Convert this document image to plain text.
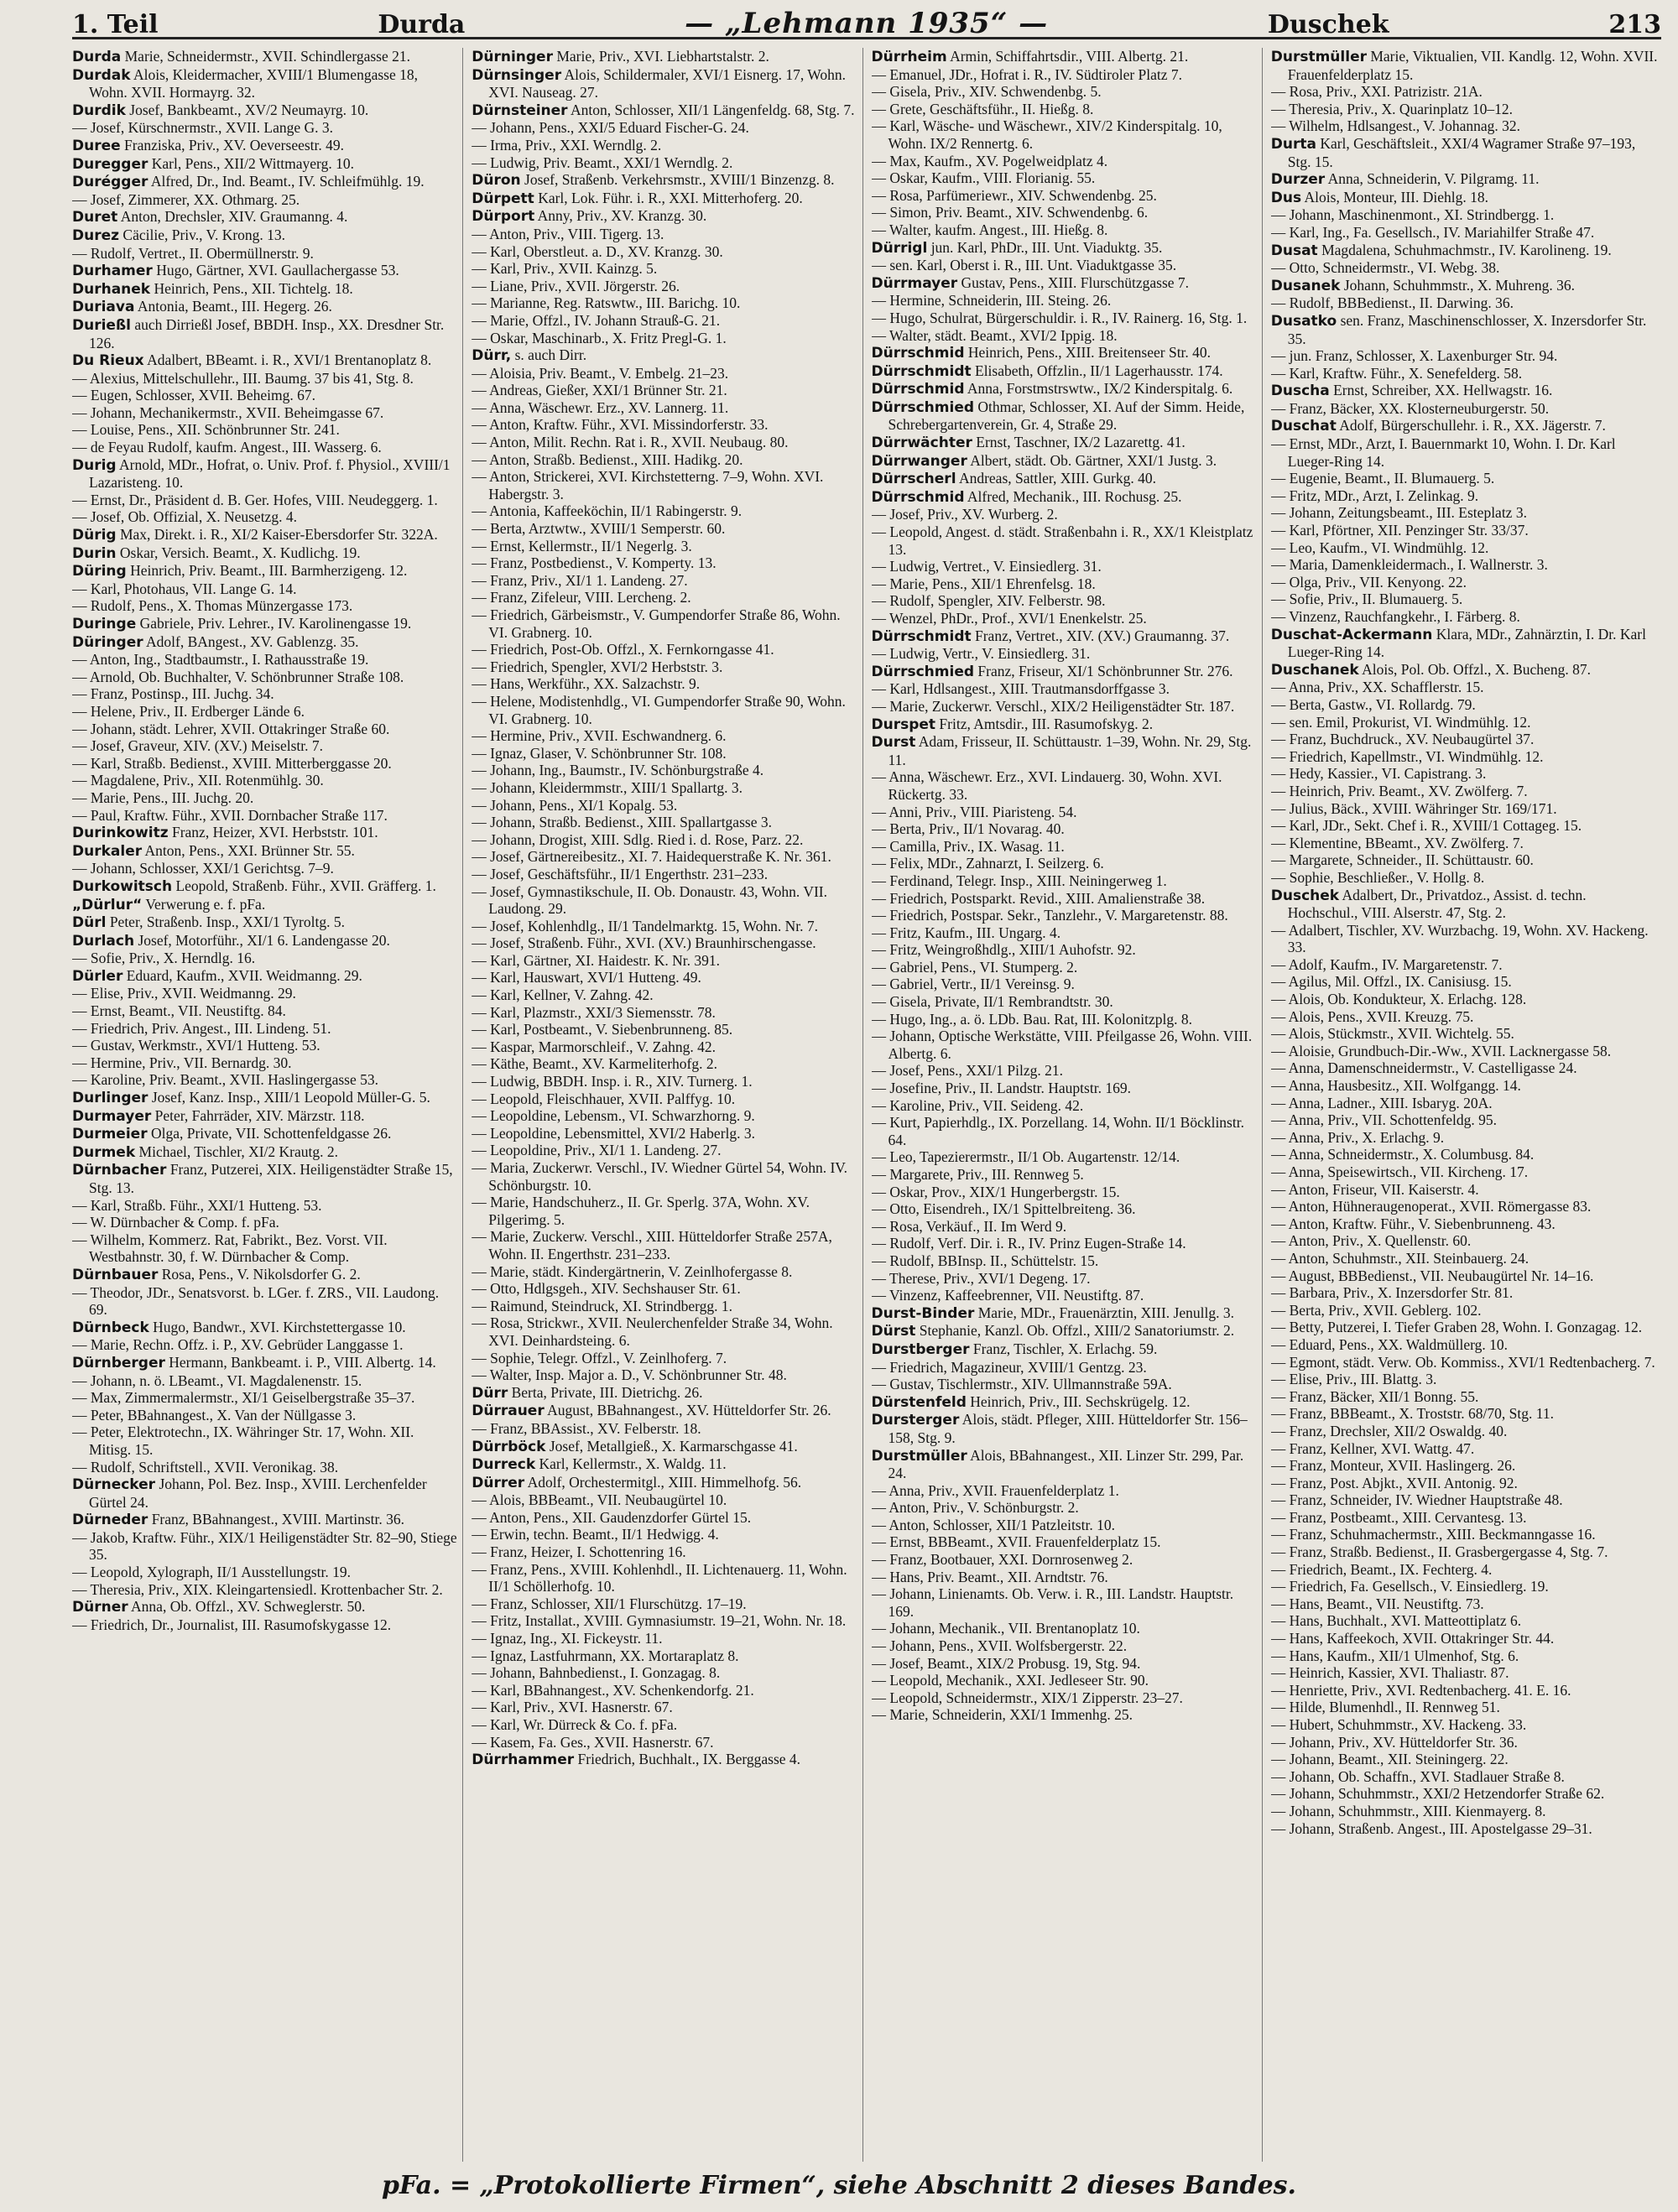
1. Teil	Durda	— „Lehmann 1935“ —	Duschek	213
Durda Marie, Schneidermstr., XVII. Schindlergasse 21.
Durdak Alois, Kleidermacher, XVIII/1 Blumengasse 18, Wohn. XVII. Hormayrg. 32.
Durdik Josef, Bankbeamt., XV/2 Neumayrg. 10.
— Josef, Kürschnermstr., XVII. Lange G. 3.
Duree Franziska, Priv., XV. Oeverseestr. 49.
Duregger Karl, Pens., XII/2 Wittmayerg. 10.
Durégger Alfred, Dr., Ind. Beamt., IV. Schleifmühlg. 19.
— Josef, Zimmerer, XX. Othmarg. 25.
Duret Anton, Drechsler, XIV. Graumanng. 4.
Durez Cäcilie, Priv., V. Krong. 13.
— Rudolf, Vertret., II. Obermüllnerstr. 9.
Durhamer Hugo, Gärtner, XVI. Gaullachergasse 53.
Durhanek Heinrich, Pens., XII. Tichtelg. 18.
Duriava Antonia, Beamt., III. Hegerg. 26.
Durießl auch Dirrießl Josef, BBDH. Insp., XX. Dresdner Str. 126.
Du Rieux Adalbert, BBeamt. i. R., XVI/1 Brentanoplatz 8.
— Alexius, Mittelschullehr., III. Baumg. 37 bis 41, Stg. 8.
— Eugen, Schlosser, XVII. Beheimg. 67.
— Johann, Mechanikermstr., XVII. Beheimgasse 67.
— Louise, Pens., XII. Schönbrunner Str. 241.
— de Feyau Rudolf, kaufm. Angest., III. Wasserg. 6.
Durig Arnold, MDr., Hofrat, o. Univ. Prof. f. Physiol., XVIII/1 Lazaristeng. 10.
— Ernst, Dr., Präsident d. B. Ger. Hofes, VIII. Neudeggerg. 1.
— Josef, Ob. Offizial, X. Neusetzg. 4.
Dürig Max, Direkt. i. R., XI/2 Kaiser-Ebersdorfer Str. 322A.
Durin Oskar, Versich. Beamt., X. Kudlichg. 19.
Düring Heinrich, Priv. Beamt., III. Barmherzigeng. 12.
— Karl, Photohaus, VII. Lange G. 14.
— Rudolf, Pens., X. Thomas Münzergasse 173.
Duringe Gabriele, Priv. Lehrer., IV. Karolinengasse 19.
Düringer Adolf, BAngest., XV. Gablenzg. 35.
— Anton, Ing., Stadtbaumstr., I. Rathausstraße 19.
— Arnold, Ob. Buchhalter, V. Schönbrunner Straße 108.
— Franz, Postinsp., III. Juchg. 34.
— Helene, Priv., II. Erdberger Lände 6.
— Johann, städt. Lehrer, XVII. Ottakringer Straße 60.
— Josef, Graveur, XIV. (XV.) Meiselstr. 7.
— Karl, Straßb. Bedienst., XVIII. Mitterberggasse 20.
— Magdalene, Priv., XII. Rotenmühlg. 30.
— Marie, Pens., III. Juchg. 20.
— Paul, Kraftw. Führ., XVII. Dornbacher Straße 117.
Durinkowitz Franz, Heizer, XVI. Herbststr. 101.
Durkaler Anton, Pens., XXI. Brünner Str. 55.
— Johann, Schlosser, XXI/1 Gerichtsg. 7–9.
Durkowitsch Leopold, Straßenb. Führ., XVII. Gräfferg. 1.
„Dürlur“ Verwerung e. f. pFa.
Dürl Peter, Straßenb. Insp., XXI/1 Tyroltg. 5.
Durlach Josef, Motorführ., XI/1 6. Landengasse 20.
— Sofie, Priv., X. Herndlg. 16.
Dürler Eduard, Kaufm., XVII. Weidmanng. 29.
— Elise, Priv., XVII. Weidmanng. 29.
— Ernst, Beamt., VII. Neustiftg. 84.
— Friedrich, Priv. Angest., III. Lindeng. 51.
— Gustav, Werkmstr., XVI/1 Hutteng. 53.
— Hermine, Priv., VII. Bernardg. 30.
— Karoline, Priv. Beamt., XVII. Haslingergasse 53.
Durlinger Josef, Kanz. Insp., XIII/1 Leopold Müller-G. 5.
Durmayer Peter, Fahrräder, XIV. Märzstr. 118.
Durmeier Olga, Private, VII. Schottenfeldgasse 26.
Durmek Michael, Tischler, XI/2 Krautg. 2.
Dürnbacher Franz, Putzerei, XIX. Heiligenstädter Straße 15, Stg. 13.
— Karl, Straßb. Führ., XXI/1 Hutteng. 53.
— W. Dürnbacher & Comp. f. pFa.
— Wilhelm, Kommerz. Rat, Fabrikt., Bez. Vorst. VII. Westbahnstr. 30, f. W. Dürnbacher & Comp.
Dürnbauer Rosa, Pens., V. Nikolsdorfer G. 2.
— Theodor, JDr., Senatsvorst. b. LGer. f. ZRS., VII. Laudong. 69.
Dürnbeck Hugo, Bandwr., XVI. Kirchstettergasse 10.
— Marie, Rechn. Offz. i. P., XV. Gebrüder Langgasse 1.
Dürnberger Hermann, Bankbeamt. i. P., VIII. Albertg. 14.
— Johann, n. ö. LBeamt., VI. Magdalenenstr. 15.
— Max, Zimmermalermstr., XI/1 Geiselbergstraße 35–37.
— Peter, BBahnangest., X. Van der Nüllgasse 3.
— Peter, Elektrotechn., IX. Währinger Str. 17, Wohn. XII. Mitisg. 15.
— Rudolf, Schriftstell., XVII. Veronikag. 38.
Dürnecker Johann, Pol. Bez. Insp., XVIII. Lerchenfelder Gürtel 24.
Dürneder Franz, BBahnangest., XVIII. Martinstr. 36.
— Jakob, Kraftw. Führ., XIX/1 Heiligenstädter Str. 82–90, Stiege 35.
— Leopold, Xylograph, II/1 Ausstellungstr. 19.
— Theresia, Priv., XIX. Kleingartensiedl. Krottenbacher Str. 2.
Dürner Anna, Ob. Offzl., XV. Schweglerstr. 50.
— Friedrich, Dr., Journalist, III. Rasumofskygasse 12.
Dürninger Marie, Priv., XVI. Liebhartstalstr. 2.
Dürnsinger Alois, Schildermaler, XVI/1 Eisnerg. 17, Wohn. XVI. Nauseag. 27.
Dürnsteiner Anton, Schlosser, XII/1 Längenfeldg. 68, Stg. 7.
— Johann, Pens., XXI/5 Eduard Fischer-G. 24.
— Irma, Priv., XXI. Werndlg. 2.
— Ludwig, Priv. Beamt., XXI/1 Werndlg. 2.
Düron Josef, Straßenb. Verkehrsmstr., XVIII/1 Binzenzg. 8.
Dürpett Karl, Lok. Führ. i. R., XXI. Mitterhoferg. 20.
Dürport Anny, Priv., XV. Kranzg. 30.
— Anton, Priv., VIII. Tigerg. 13.
— Karl, Oberstleut. a. D., XV. Kranzg. 30.
— Karl, Priv., XVII. Kainzg. 5.
— Liane, Priv., XVII. Jörgerstr. 26.
— Marianne, Reg. Ratswtw., III. Barichg. 10.
— Marie, Offzl., IV. Johann Strauß-G. 21.
— Oskar, Maschinarb., X. Fritz Pregl-G. 1.
Dürr, s. auch Dirr.
— Aloisia, Priv. Beamt., V. Embelg. 21–23.
— Andreas, Gießer, XXI/1 Brünner Str. 21.
— Anna, Wäschewr. Erz., XV. Lannerg. 11.
— Anton, Kraftw. Führ., XVI. Missindorferstr. 33.
— Anton, Milit. Rechn. Rat i. R., XVII. Neubaug. 80.
— Anton, Straßb. Bedienst., XIII. Hadikg. 20.
— Anton, Strickerei, XVI. Kirchstetterng. 7–9, Wohn. XVI. Habergstr. 3.
— Antonia, Kaffeeköchin, II/1 Rabingerstr. 9.
— Berta, Arztwtw., XVIII/1 Semperstr. 60.
— Ernst, Kellermstr., II/1 Negerlg. 3.
— Franz, Postbedienst., V. Komperty. 13.
— Franz, Priv., XI/1 1. Landeng. 27.
— Franz, Zifeleur, VIII. Lercheng. 2.
— Friedrich, Gärbeismstr., V. Gumpendorfer Straße 86, Wohn. VI. Grabnerg. 10.
— Friedrich, Post-Ob. Offzl., X. Fernkorngasse 41.
— Friedrich, Spengler, XVI/2 Herbststr. 3.
— Hans, Werkführ., XX. Salzachstr. 9.
— Helene, Modistenhdlg., VI. Gumpendorfer Straße 90, Wohn. VI. Grabnerg. 10.
— Hermine, Priv., XVII. Eschwandnerg. 6.
— Ignaz, Glaser, V. Schönbrunner Str. 108.
— Johann, Ing., Baumstr., IV. Schönburgstraße 4.
— Johann, Kleidermmstr., XIII/1 Spallartg. 3.
— Johann, Pens., XI/1 Kopalg. 53.
— Johann, Straßb. Bedienst., XIII. Spallartgasse 3.
— Johann, Drogist, XIII. Sdlg. Ried i. d. Rose, Parz. 22.
— Josef, Gärtnereibesitz., XI. 7. Haidequerstraße K. Nr. 361.
— Josef, Geschäftsführ., II/1 Engerthstr. 231–233.
— Josef, Gymnastikschule, II. Ob. Donaustr. 43, Wohn. VII. Laudong. 29.
— Josef, Kohlenhdlg., II/1 Tandelmarktg. 15, Wohn. Nr. 7.
— Josef, Straßenb. Führ., XVI. (XV.) Braunhirschengasse.
— Karl, Gärtner, XI. Haidestr. K. Nr. 391.
— Karl, Hauswart, XVI/1 Hutteng. 49.
— Karl, Kellner, V. Zahng. 42.
— Karl, Plazmstr., XXI/3 Siemensstr. 78.
— Karl, Postbeamt., V. Siebenbrunneng. 85.
— Kaspar, Marmorschleif., V. Zahng. 42.
— Käthe, Beamt., XV. Karmeliterhofg. 2.
— Ludwig, BBDH. Insp. i. R., XIV. Turnerg. 1.
— Leopold, Fleischhauer, XVII. Palffyg. 10.
— Leopoldine, Lebensm., VI. Schwarzhorng. 9.
— Leopoldine, Lebensmittel, XVI/2 Haberlg. 3.
— Leopoldine, Priv., XI/1 1. Landeng. 27.
— Maria, Zuckerwr. Verschl., IV. Wiedner Gürtel 54, Wohn. IV. Schönburgstr. 10.
— Marie, Handschuherz., II. Gr. Sperlg. 37A, Wohn. XV. Pilgerimg. 5.
— Marie, Zuckerw. Verschl., XIII. Hütteldorfer Straße 257A, Wohn. II. Engerthstr. 231–233.
— Marie, städt. Kindergärtnerin, V. Zeinlhofergasse 8.
— Otto, Hdlgsgeh., XIV. Sechshauser Str. 61.
— Raimund, Steindruck, XI. Strindbergg. 1.
— Rosa, Strickwr., XVII. Neulerchenfelder Straße 34, Wohn. XVI. Deinhardsteing. 6.
— Sophie, Telegr. Offzl., V. Zeinlhoferg. 7.
— Walter, Insp. Major a. D., V. Schönbrunner Str. 48.
Dürr Berta, Private, III. Dietrichg. 26.
Dürrauer August, BBahnangest., XV. Hütteldorfer Str. 26.
— Franz, BBAssist., XV. Felberstr. 18.
Dürrböck Josef, Metallgieß., X. Karmarschgasse 41.
Durreck Karl, Kellermstr., X. Waldg. 11.
Dürrer Adolf, Orchestermitgl., XIII. Himmelhofg. 56.
— Alois, BBBeamt., VII. Neubaugürtel 10.
— Anton, Pens., XII. Gaudenzdorfer Gürtel 15.
— Erwin, techn. Beamt., II/1 Hedwigg. 4.
— Franz, Heizer, I. Schottenring 16.
— Franz, Pens., XVIII. Kohlenhdl., II. Lichtenauerg. 11, Wohn. II/1 Schöllerhofg. 10.
— Franz, Schlosser, XII/1 Flurschützg. 17–19.
— Fritz, Installat., XVIII. Gymnasiumstr. 19–21, Wohn. Nr. 18.
— Ignaz, Ing., XI. Fickeystr. 11.
— Ignaz, Lastfuhrmann, XX. Mortaraplatz 8.
— Johann, Bahnbedienst., I. Gonzagag. 8.
— Karl, BBahnangest., XV. Schenkendorfg. 21.
— Karl, Priv., XVI. Hasnerstr. 67.
— Karl, Wr. Dürreck & Co. f. pFa.
— Kasem, Fa. Ges., XVII. Hasnerstr. 67.
Dürrhammer Friedrich, Buchhalt., IX. Berggasse 4.
Dürrheim Armin, Schiffahrtsdir., VIII. Albertg. 21.
— Emanuel, JDr., Hofrat i. R., IV. Südtiroler Platz 7.
— Gisela, Priv., XIV. Schwendenbg. 5.
— Grete, Geschäftsführ., II. Hießg. 8.
— Karl, Wäsche- und Wäschewr., XIV/2 Kinderspitalg. 10, Wohn. IX/2 Rennertg. 6.
— Max, Kaufm., XV. Pogelweidplatz 4.
— Oskar, Kaufm., VIII. Florianig. 55.
— Rosa, Parfümeriewr., XIV. Schwendenbg. 25.
— Simon, Priv. Beamt., XIV. Schwendenbg. 6.
— Walter, kaufm. Angest., III. Hießg. 8.
Dürrigl jun. Karl, PhDr., III. Unt. Viaduktg. 35.
— sen. Karl, Oberst i. R., III. Unt. Viaduktgasse 35.
Dürrmayer Gustav, Pens., XIII. Flurschützgasse 7.
— Hermine, Schneiderin, III. Steing. 26.
— Hugo, Schulrat, Bürgerschuldir. i. R., IV. Rainerg. 16, Stg. 1.
— Walter, städt. Beamt., XVI/2 Ippig. 18.
Dürrschmid Heinrich, Pens., XIII. Breitenseer Str. 40.
Dürrschmidt Elisabeth, Offzlin., II/1 Lagerhausstr. 174.
Dürrschmid Anna, Forstmstrswtw., IX/2 Kinderspitalg. 6.
Dürrschmied Othmar, Schlosser, XI. Auf der Simm. Heide, Schrebergartenverein, Gr. 4, Straße 29.
Dürrwächter Ernst, Taschner, IX/2 Lazarettg. 41.
Dürrwanger Albert, städt. Ob. Gärtner, XXI/1 Justg. 3.
Dürrscherl Andreas, Sattler, XIII. Gurkg. 40.
Dürrschmid Alfred, Mechanik., III. Rochusg. 25.
— Josef, Priv., XV. Wurberg. 2.
— Leopold, Angest. d. städt. Straßenbahn i. R., XX/1 Kleistplatz 13.
— Ludwig, Vertret., V. Einsiedlerg. 31.
— Marie, Pens., XII/1 Ehrenfelsg. 18.
— Rudolf, Spengler, XIV. Felberstr. 98.
— Wenzel, PhDr., Prof., XVI/1 Enenkelstr. 25.
Dürrschmidt Franz, Vertret., XIV. (XV.) Graumanng. 37.
— Ludwig, Vertr., V. Einsiedlerg. 31.
Dürrschmied Franz, Friseur, XI/1 Schönbrunner Str. 276.
— Karl, Hdlsangest., XIII. Trautmansdorffgasse 3.
— Marie, Zuckerwr. Verschl., XIX/2 Heiligenstädter Str. 187.
Durspet Fritz, Amtsdir., III. Rasumofskyg. 2.
Durst Adam, Frisseur, II. Schüttaustr. 1–39, Wohn. Nr. 29, Stg. 11.
— Anna, Wäschewr. Erz., XVI. Lindauerg. 30, Wohn. XVI. Rückertg. 33.
— Anni, Priv., VIII. Piaristeng. 54.
— Berta, Priv., II/1 Novarag. 40.
— Camilla, Priv., IX. Wasag. 11.
— Felix, MDr., Zahnarzt, I. Seilzerg. 6.
— Ferdinand, Telegr. Insp., XIII. Neiningerweg 1.
— Friedrich, Postsparkt. Revid., XIII. Amalienstraße 38.
— Friedrich, Postspar. Sekr., Tanzlehr., V. Margaretenstr. 88.
— Fritz, Kaufm., III. Ungarg. 4.
— Fritz, Weingroßhdlg., XIII/1 Auhofstr. 92.
— Gabriel, Pens., VI. Stumperg. 2.
— Gabriel, Vertr., II/1 Vereinsg. 9.
— Gisela, Private, II/1 Rembrandtstr. 30.
— Hugo, Ing., a. ö. LDb. Bau. Rat, III. Kolonitzplg. 8.
— Johann, Optische Werkstätte, VIII. Pfeilgasse 26, Wohn. VIII. Albertg. 6.
— Josef, Pens., XXI/1 Pilzg. 21.
— Josefine, Priv., II. Landstr. Hauptstr. 169.
— Karoline, Priv., VII. Seideng. 42.
— Kurt, Papierhdlg., IX. Porzellang. 14, Wohn. II/1 Böcklinstr. 64.
— Leo, Tapezierermstr., II/1 Ob. Augartenstr. 12/14.
— Margarete, Priv., III. Rennweg 5.
— Oskar, Prov., XIX/1 Hungerbergstr. 15.
— Otto, Eisendreh., IX/1 Spittelbreiteng. 36.
— Rosa, Verkäuf., II. Im Werd 9.
— Rudolf, Verf. Dir. i. R., IV. Prinz Eugen-Straße 14.
— Rudolf, BBInsp. II., Schüttelstr. 15.
— Therese, Priv., XVI/1 Degeng. 17.
— Vinzenz, Kaffeebrenner, VII. Neustiftg. 87.
Durst-Binder Marie, MDr., Frauenärztin, XIII. Jenullg. 3.
Dürst Stephanie, Kanzl. Ob. Offzl., XIII/2 Sanatoriumstr. 2.
Durstberger Franz, Tischler, X. Erlachg. 59.
— Friedrich, Magazineur, XVIII/1 Gentzg. 23.
— Gustav, Tischlermstr., XIV. Ullmannstraße 59A.
Dürstenfeld Heinrich, Priv., III. Sechskrügelg. 12.
Dursterger Alois, städt. Pfleger, XIII. Hütteldorfer Str. 156–158, Stg. 9.
Durstmüller Alois, BBahnangest., XII. Linzer Str. 299, Par. 24.
— Anna, Priv., XVII. Frauenfelderplatz 1.
— Anton, Priv., V. Schönburgstr. 2.
— Anton, Schlosser, XII/1 Patzleitstr. 10.
— Ernst, BBBeamt., XVII. Frauenfelderplatz 15.
— Franz, Bootbauer, XXI. Dornrosenweg 2.
— Hans, Priv. Beamt., XII. Arndtstr. 76.
— Johann, Linienamts. Ob. Verw. i. R., III. Landstr. Hauptstr. 169.
— Johann, Mechanik., VII. Brentanoplatz 10.
— Johann, Pens., XVII. Wolfsbergerstr. 22.
— Josef, Beamt., XIX/2 Probusg. 19, Stg. 94.
— Leopold, Mechanik., XXI. Jedleseer Str. 90.
— Leopold, Schneidermstr., XIX/1 Zipperstr. 23–27.
— Marie, Schneiderin, XXI/1 Immenhg. 25.
Durstmüller Marie, Viktualien, VII. Kandlg. 12, Wohn. XVII. Frauenfelderplatz 15.
— Rosa, Priv., XXI. Patrizistr. 21A.
— Theresia, Priv., X. Quarinplatz 10–12.
— Wilhelm, Hdlsangest., V. Johannag. 32.
Durta Karl, Geschäftsleit., XXI/4 Wagramer Straße 97–193, Stg. 15.
Durzer Anna, Schneiderin, V. Pilgramg. 11.
Dus Alois, Monteur, III. Diehlg. 18.
— Johann, Maschinenmont., XI. Strindbergg. 1.
— Karl, Ing., Fa. Gesellsch., IV. Mariahilfer Straße 47.
Dusat Magdalena, Schuhmachmstr., IV. Karolineng. 19.
— Otto, Schneidermstr., VI. Webg. 38.
Dusanek Johann, Schuhmmstr., X. Muhreng. 36.
— Rudolf, BBBedienst., II. Darwing. 36.
Dusatko sen. Franz, Maschinenschlosser, X. Inzersdorfer Str. 35.
— jun. Franz, Schlosser, X. Laxenburger Str. 94.
— Karl, Kraftw. Führ., X. Senefelderg. 58.
Duscha Ernst, Schreiber, XX. Hellwagstr. 16.
— Franz, Bäcker, XX. Klosterneuburgerstr. 50.
Duschat Adolf, Bürgerschullehr. i. R., XX. Jägerstr. 7.
— Ernst, MDr., Arzt, I. Bauernmarkt 10, Wohn. I. Dr. Karl Lueger-Ring 14.
— Eugenie, Beamt., II. Blumauerg. 5.
— Fritz, MDr., Arzt, I. Zelinkag. 9.
— Johann, Zeitungsbeamt., III. Esteplatz 3.
— Karl, Pförtner, XII. Penzinger Str. 33/37.
— Leo, Kaufm., VI. Windmühlg. 12.
— Maria, Damenkleidermach., I. Wallnerstr. 3.
— Olga, Priv., VII. Kenyong. 22.
— Sofie, Priv., II. Blumauerg. 5.
— Vinzenz, Rauchfangkehr., I. Färberg. 8.
Duschat-Ackermann Klara, MDr., Zahnärztin, I. Dr. Karl Lueger-Ring 14.
Duschanek Alois, Pol. Ob. Offzl., X. Bucheng. 87.
— Anna, Priv., XX. Schafflerstr. 15.
— Berta, Gastw., VI. Rollardg. 79.
— sen. Emil, Prokurist, VI. Windmühlg. 12.
— Franz, Buchdruck., XV. Neubaugürtel 37.
— Friedrich, Kapellmstr., VI. Windmühlg. 12.
— Hedy, Kassier., VI. Capistrang. 3.
— Heinrich, Priv. Beamt., XV. Zwölferg. 7.
— Julius, Bäck., XVIII. Währinger Str. 169/171.
— Karl, JDr., Sekt. Chef i. R., XVIII/1 Cottageg. 15.
— Klementine, BBeamt., XV. Zwölferg. 7.
— Margarete, Schneider., II. Schüttaustr. 60.
— Sophie, Beschließer., V. Hollg. 8.
Duschek Adalbert, Dr., Privatdoz., Assist. d. techn. Hochschul., VIII. Alserstr. 47, Stg. 2.
— Adalbert, Tischler, XV. Wurzbachg. 19, Wohn. XV. Hackeng. 33.
— Adolf, Kaufm., IV. Margaretenstr. 7.
— Agilus, Mil. Offzl., IX. Canisiusg. 15.
— Alois, Ob. Kondukteur, X. Erlachg. 128.
— Alois, Pens., XVII. Kreuzg. 75.
— Alois, Stückmstr., XVII. Wichtelg. 55.
— Aloisie, Grundbuch-Dir.-Ww., XVII. Lacknergasse 58.
— Anna, Damenschneidermstr., V. Castelligasse 24.
— Anna, Hausbesitz., XII. Wolfgangg. 14.
— Anna, Ladner., XIII. Isbaryg. 20A.
— Anna, Priv., VII. Schottenfeldg. 95.
— Anna, Priv., X. Erlachg. 9.
— Anna, Schneidermstr., X. Columbusg. 84.
— Anna, Speisewirtsch., VII. Kircheng. 17.
— Anton, Friseur, VII. Kaiserstr. 4.
— Anton, Hühneraugenoperat., XVII. Römergasse 83.
— Anton, Kraftw. Führ., V. Siebenbrunneng. 43.
— Anton, Priv., X. Quellenstr. 60.
— Anton, Schuhmstr., XII. Steinbauerg. 24.
— August, BBBedienst., VII. Neubaugürtel Nr. 14–16.
— Barbara, Priv., X. Inzersdorfer Str. 81.
— Berta, Priv., XVII. Geblerg. 102.
— Betty, Putzerei, I. Tiefer Graben 28, Wohn. I. Gonzagag. 12.
— Eduard, Pens., XX. Waldmüllerg. 10.
— Egmont, städt. Verw. Ob. Kommiss., XVI/1 Redtenbacherg. 7.
— Elise, Priv., III. Blattg. 3.
— Franz, Bäcker, XII/1 Bonng. 55.
— Franz, BBBeamt., X. Troststr. 68/70, Stg. 11.
— Franz, Drechsler, XII/2 Oswaldg. 40.
— Franz, Kellner, XVI. Wattg. 47.
— Franz, Monteur, XVII. Haslingerg. 26.
— Franz, Post. Abjkt., XVII. Antonig. 92.
— Franz, Schneider, IV. Wiedner Hauptstraße 48.
— Franz, Postbeamt., XIII. Cervantesg. 13.
— Franz, Schuhmachermstr., XIII. Beckmanngasse 16.
— Franz, Straßb. Bedienst., II. Grasbergergasse 4, Stg. 7.
— Friedrich, Beamt., IX. Fechterg. 4.
— Friedrich, Fa. Gesellsch., V. Einsiedlerg. 19.
— Hans, Beamt., VII. Neustiftg. 73.
— Hans, Buchhalt., XVI. Matteottiplatz 6.
— Hans, Kaffeekoch, XVII. Ottakringer Str. 44.
— Hans, Kaufm., XII/1 Ulmenhof, Stg. 6.
— Heinrich, Kassier, XVI. Thaliastr. 87.
— Henriette, Priv., XVI. Redtenbacherg. 41. E. 16.
— Hilde, Blumenhdl., II. Rennweg 51.
— Hubert, Schuhmmstr., XV. Hackeng. 33.
— Johann, Priv., XV. Hütteldorfer Str. 36.
— Johann, Beamt., XII. Steiningerg. 22.
— Johann, Ob. Schaffn., XVI. Stadlauer Straße 8.
— Johann, Schuhmmstr., XXI/2 Hetzendorfer Straße 62.
— Johann, Schuhmmstr., XIII. Kienmayerg. 8.
— Johann, Straßenb. Angest., III. Apostelgasse 29–31.
pFa. = „Protokollierte Firmen“, siehe Abschnitt 2 dieses Bandes.
